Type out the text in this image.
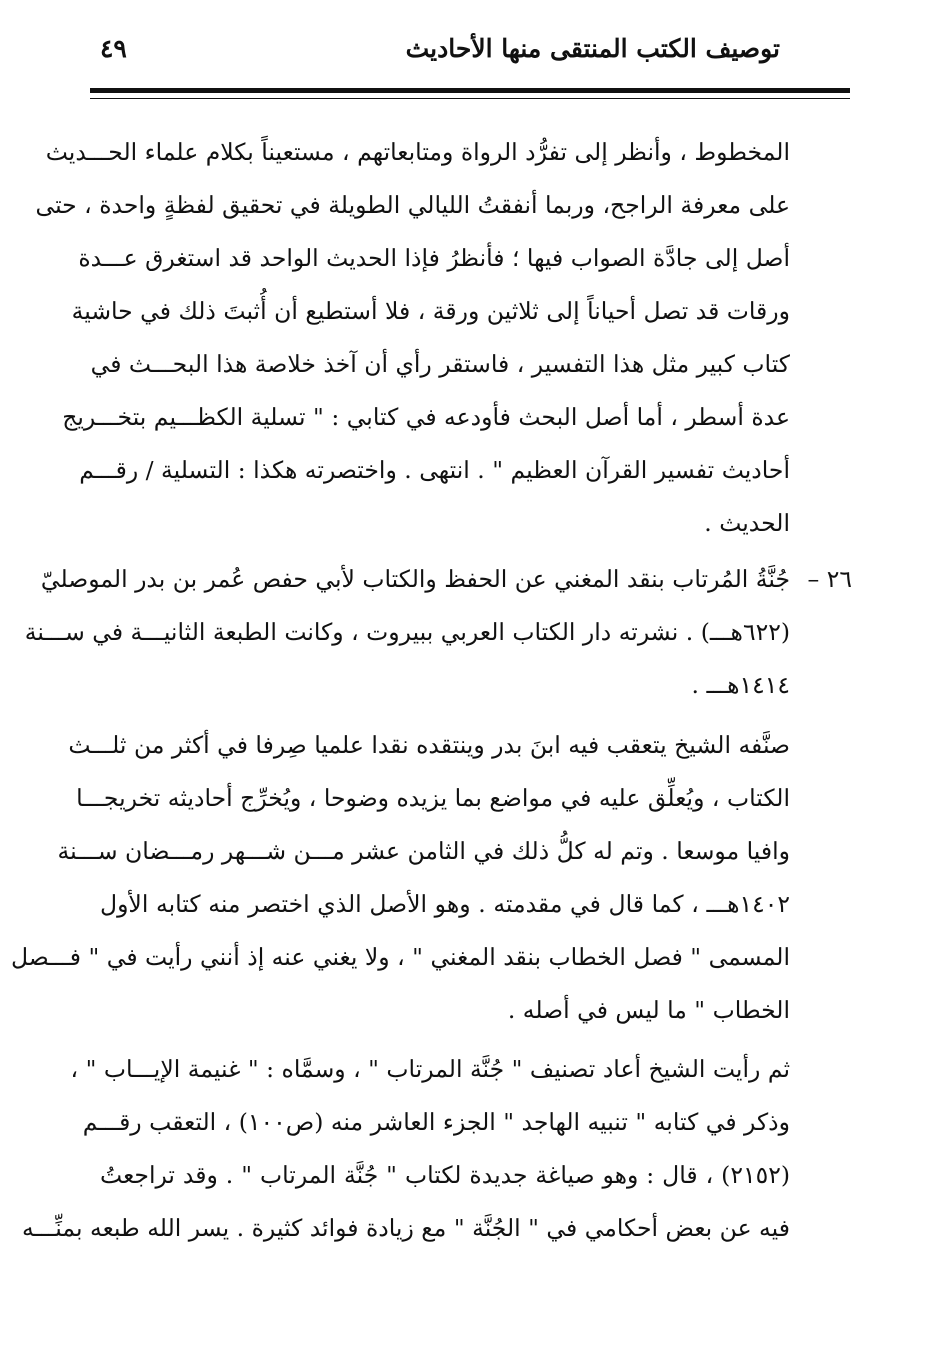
توصيف الكتب المنتقى منها الأحاديث
٤٩
المخطوط ، وأنظر إلى تفرُّد الرواة ومتابعاتهم ، مستعيناً بكلام علماء الحـــديث
على معرفة الراجح، وربما أنفقتُ الليالي الطويلة في تحقيق لفظةٍ واحدة ، حتى
أصل إلى جادَّة الصواب فيها ؛ فأنظرُ فإذا الحديث الواحد قد استغرق عـــدة
ورقات قد تصل أحياناً إلى ثلاثين ورقة ، فلا أستطيع أن أُثبتَ ذلك في حاشية
كتاب كبير مثل هذا التفسير ، فاستقر رأي أن آخذ خلاصة هذا البحـــث في
عدة أسطر ، أما أصل البحث فأودعه في كتابي : " تسلية الكظـــيم بتخـــريج
أحاديث تفسير القرآن العظيم " . انتهى . واختصرته هكذا : التسلية / رقـــم
الحديث .
٢٦ –
جُنَّةُ المُرتاب بنقد المغني عن الحفظ والكتاب لأبي حفص عُمر بن بدر الموصليّ
(٦٢٢هـــ) . نشرته دار الكتاب العربي ببيروت ، وكانت الطبعة الثانيـــة في ســـنة
١٤١٤هـــ .
صنَّفه الشيخ يتعقب فيه ابنَ بدر وينتقده نقدا علميا صِرفا في أكثر من ثلـــث
الكتاب ، ويُعلِّق عليه في مواضع بما يزيده وضوحا ، ويُخرِّج أحاديثه تخريجـــا
وافيا موسعا . وتم له كلُّ ذلك في الثامن عشر مـــن شـــهر رمـــضان ســـنة
١٤٠٢هـــ ، كما قال في مقدمته . وهو الأصل الذي اختصر منه كتابه الأول
المسمى " فصل الخطاب بنقد المغني " ، ولا يغني عنه إذ أنني رأيت في " فـــصل
الخطاب " ما ليس في أصله .
ثم رأيت الشيخ أعاد تصنيف " جُنَّة المرتاب " ، وسمَّاه : " غنيمة الإيـــاب " ،
وذكر في كتابه " تنبيه الهاجد " الجزء العاشر منه (ص١٠٠) ، التعقب رقـــم
(٢١٥٢) ، قال : وهو صياغة جديدة لكتاب " جُنَّة المرتاب " . وقد تراجعتُ
فيه عن بعض أحكامي في " الجُنَّة " مع زيادة فوائد كثيرة . يسر الله طبعه بمنِّـــه
